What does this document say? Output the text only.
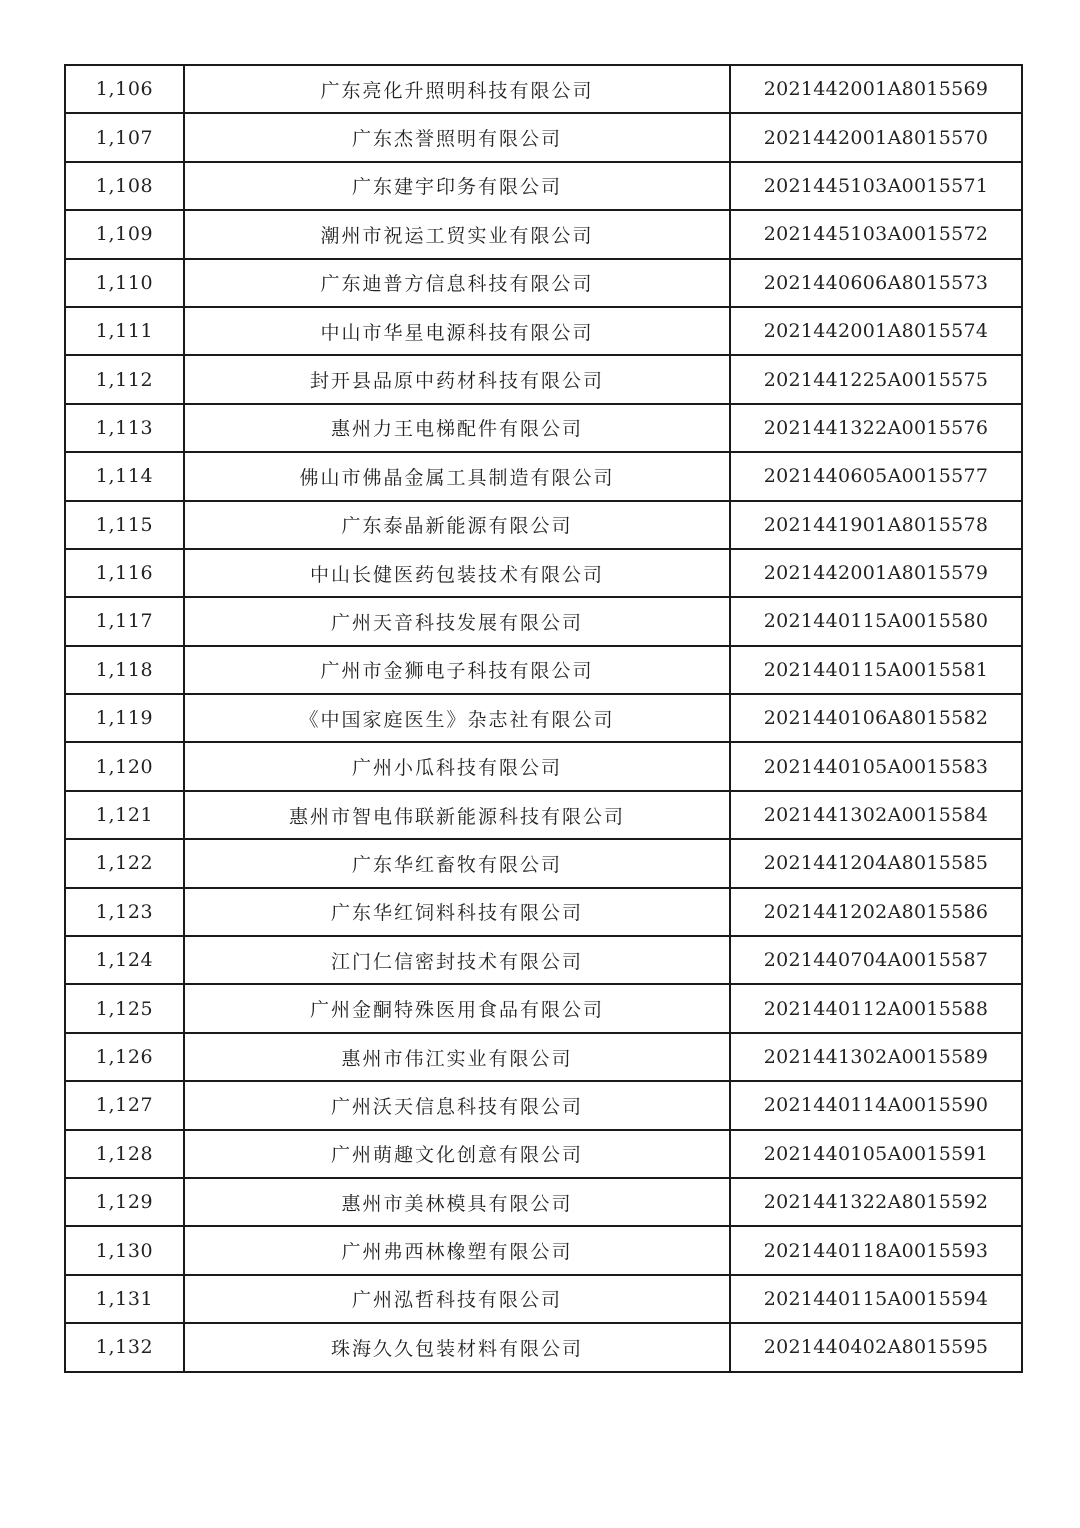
1,106	广东亮化升照明科技有限公司	2021442001A8015569
1,107	广东杰誉照明有限公司	2021442001A8015570
1,108	广东建宇印务有限公司	2021445103A0015571
1,109	潮州市祝运工贸实业有限公司	2021445103A0015572
1,110	广东迪普方信息科技有限公司	2021440606A8015573
1,111	中山市华星电源科技有限公司	2021442001A8015574
1,112	封开县品原中药材科技有限公司	2021441225A0015575
1,113	惠州力王电梯配件有限公司	2021441322A0015576
1,114	佛山市佛晶金属工具制造有限公司	2021440605A0015577
1,115	广东泰晶新能源有限公司	2021441901A8015578
1,116	中山长健医药包装技术有限公司	2021442001A8015579
1,117	广州天音科技发展有限公司	2021440115A0015580
1,118	广州市金狮电子科技有限公司	2021440115A0015581
1,119	《中国家庭医生》杂志社有限公司	2021440106A8015582
1,120	广州小瓜科技有限公司	2021440105A0015583
1,121	惠州市智电伟联新能源科技有限公司	2021441302A0015584
1,122	广东华红畜牧有限公司	2021441204A8015585
1,123	广东华红饲料科技有限公司	2021441202A8015586
1,124	江门仁信密封技术有限公司	2021440704A0015587
1,125	广州金酮特殊医用食品有限公司	2021440112A0015588
1,126	惠州市伟江实业有限公司	2021441302A0015589
1,127	广州沃天信息科技有限公司	2021440114A0015590
1,128	广州萌趣文化创意有限公司	2021440105A0015591
1,129	惠州市美林模具有限公司	2021441322A8015592
1,130	广州弗西林橡塑有限公司	2021440118A0015593
1,131	广州泓哲科技有限公司	2021440115A0015594
1,132	珠海久久包装材料有限公司	2021440402A8015595
